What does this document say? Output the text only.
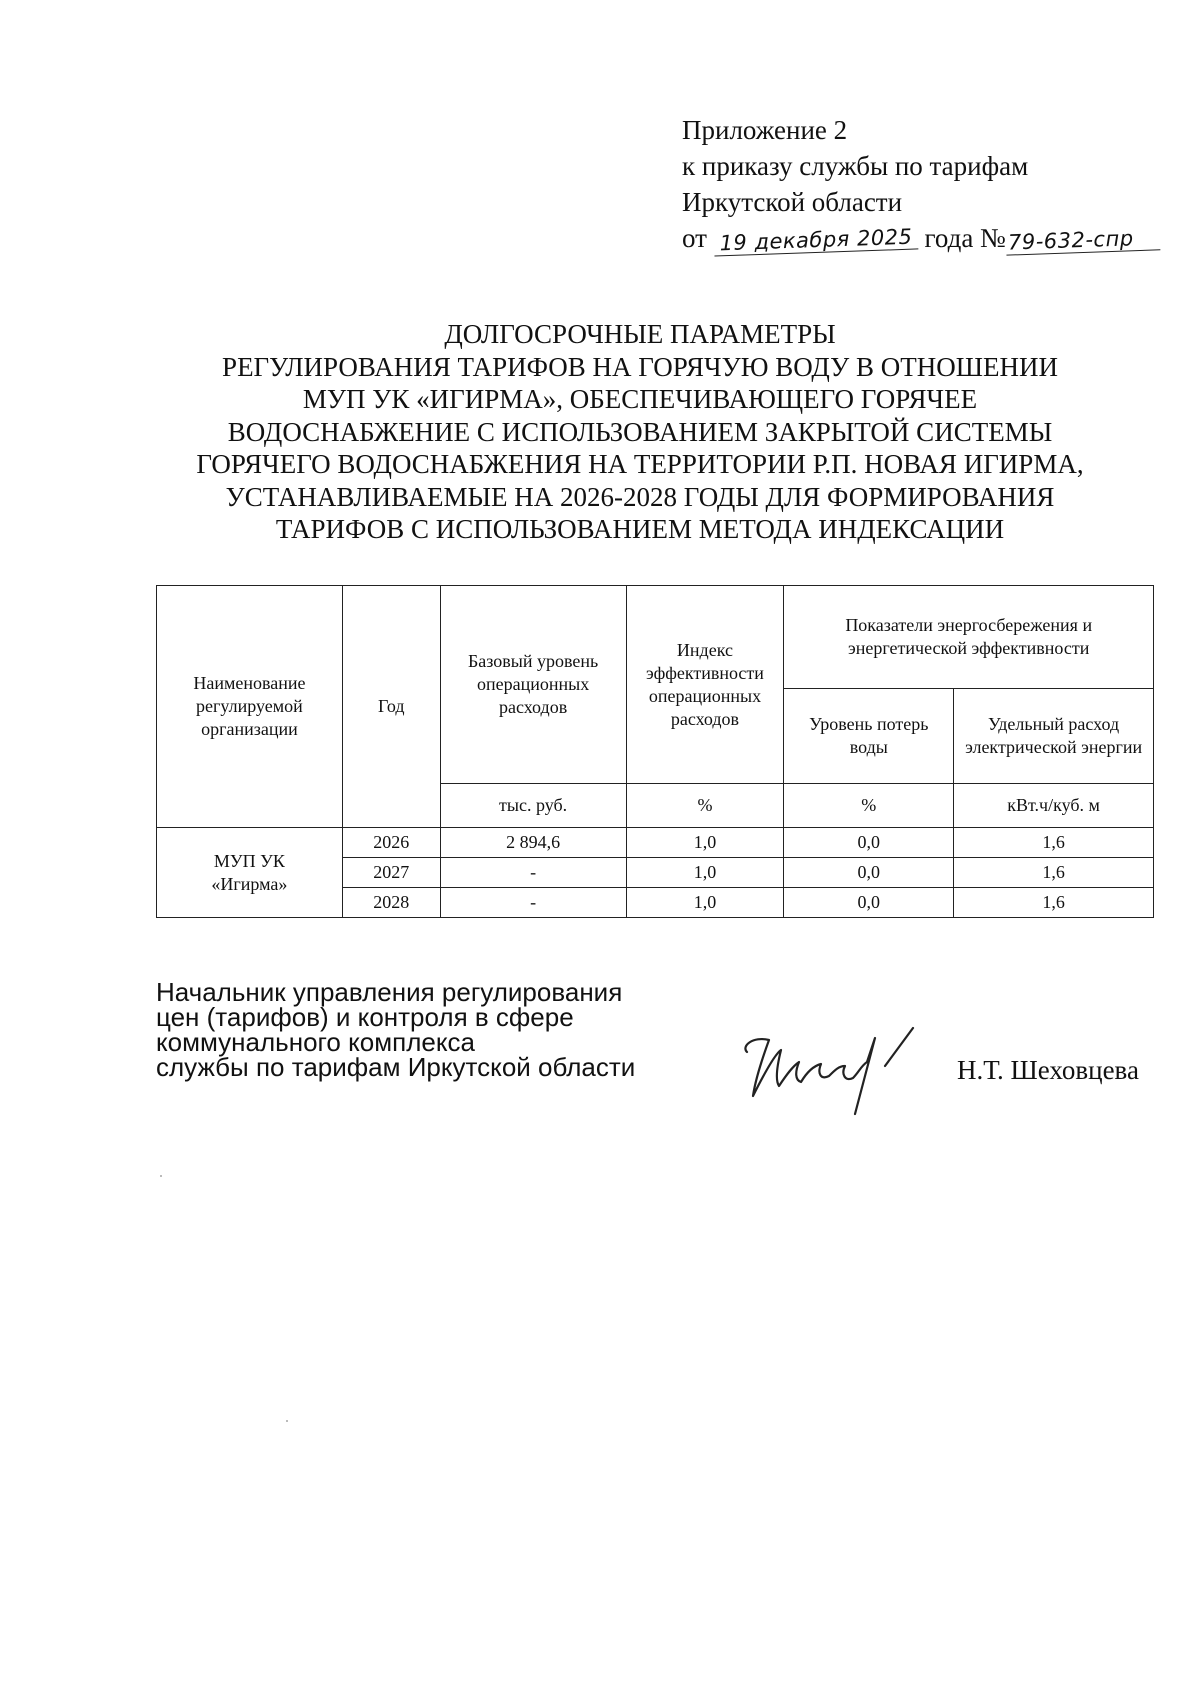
Приложение 2
к приказу службы по тарифам
Иркутской области
от 19 декабря 2025 года №79-632-спр
ДОЛГОСРОЧНЫЕ ПАРАМЕТРЫ
РЕГУЛИРОВАНИЯ ТАРИФОВ НА ГОРЯЧУЮ ВОДУ В ОТНОШЕНИИ
МУП УК «ИГИРМА», ОБЕСПЕЧИВАЮЩЕГО ГОРЯЧЕЕ
ВОДОСНАБЖЕНИЕ С ИСПОЛЬЗОВАНИЕМ ЗАКРЫТОЙ СИСТЕМЫ
ГОРЯЧЕГО ВОДОСНАБЖЕНИЯ НА ТЕРРИТОРИИ Р.П. НОВАЯ ИГИРМА,
УСТАНАВЛИВАЕМЫЕ НА 2026-2028 ГОДЫ ДЛЯ ФОРМИРОВАНИЯ
ТАРИФОВ С ИСПОЛЬЗОВАНИЕМ МЕТОДА ИНДЕКСАЦИИ
Наименование регулируемой организации	Год	Базовый уровень операционных расходов	Индекс эффективности операционных расходов	Показатели энергосбережения и энергетической эффективности	
				Уровень потерь воды	Удельный расход электрической энергии
		тыс. руб.	%	%	кВт.ч/куб. м

МУП УК
«Игирма»	2026	2 894,6	1,0	0,0	1,6
	2027	-	1,0	0,0	1,6
	2028	-	1,0	0,0	1,6
Начальник управления регулирования
цен (тарифов) и контроля в сфере
коммунального комплекса
службы по тарифам Иркутской области	Н.Т. Шеховцева
